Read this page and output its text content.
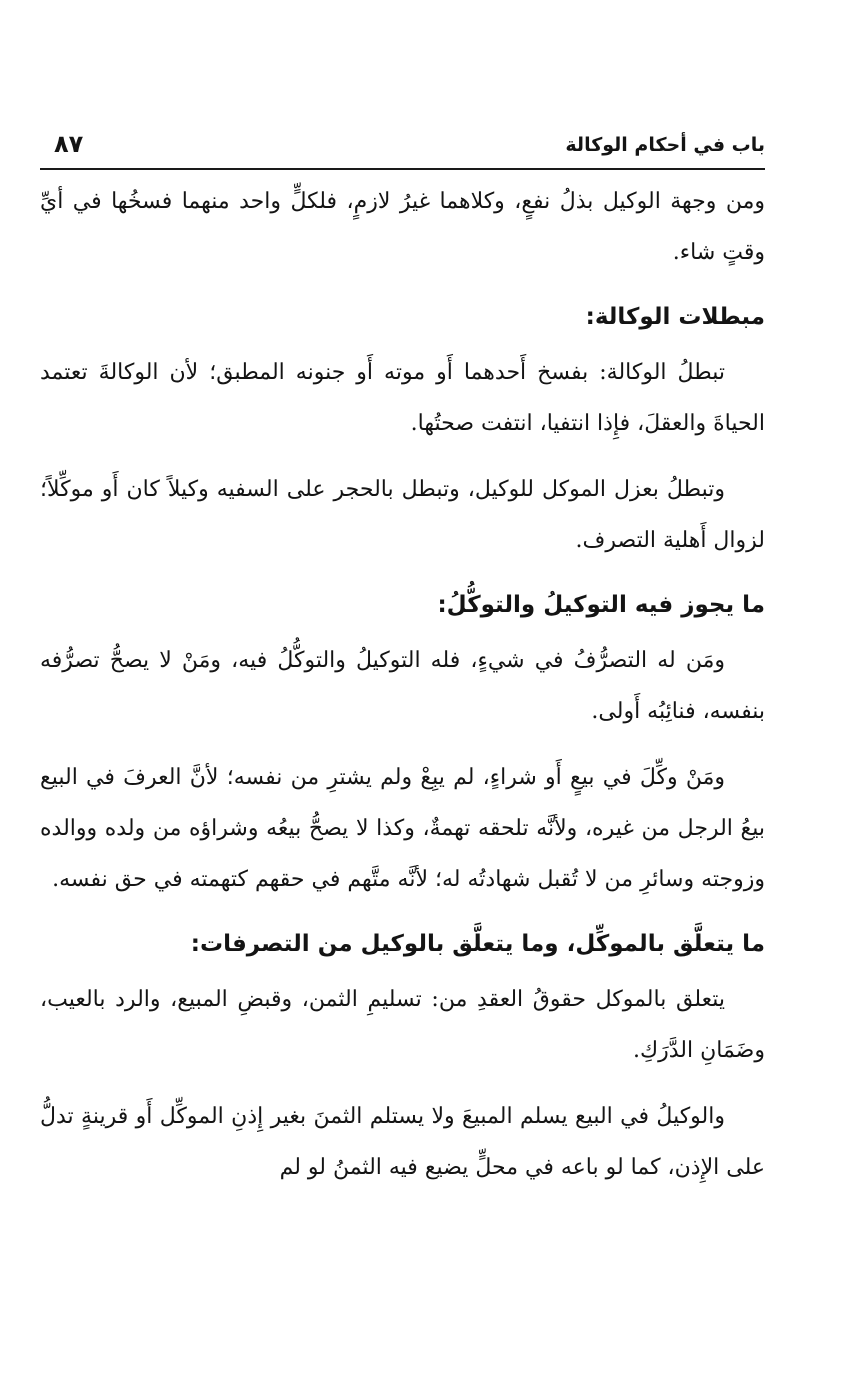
باب في أحكام الوكالة
٨٧

ومن وجهة الوكيل بذلُ نفعٍ، وكلاهما غيرُ لازمٍ، فلكلٍّ واحد منهما فسخُها في أيِّ وقتٍ شاء.

مبطلات الوكالة:

تبطلُ الوكالة: بفسخ أَحدهما أَو موته أَو جنونه المطبق؛ لأن الوكالةَ تعتمد الحياةَ والعقلَ، فإِذا انتفيا، انتفت صحتُها.

وتبطلُ بعزل الموكل للوكيل، وتبطل بالحجر على السفيه وكيلاً كان أَو موكِّلاً؛ لزوال أَهلية التصرف.

ما يجوز فيه التوكيلُ والتوكُّلُ:

ومَن له التصرُّفُ في شيءٍ، فله التوكيلُ والتوكُّلُ فيه، ومَنْ لا يصحُّ تصرُّفه بنفسه، فنائِبُه أَولى.

ومَنْ وكِّلَ في بيعٍ أَو شراءٍ، لم يبِعْ ولم يشترِ من نفسه؛ لأنَّ العرفَ في البيع بيعُ الرجل من غيره، ولأنَّه تلحقه تهمةٌ، وكذا لا يصحُّ بيعُه وشراؤه من ولده ووالده وزوجته وسائرِ من لا تُقبل شهادتُه له؛ لأنَّه متَّهم في حقهم كتهمته في حق نفسه.

ما يتعلَّق بالموكِّل، وما يتعلَّق بالوكيل من التصرفات:

يتعلق بالموكل حقوقُ العقدِ من: تسليمِ الثمن، وقبضِ المبيع، والرد بالعيب، وضَمَانِ الدَّرَكِ.

والوكيلُ في البيع يسلم المبيعَ ولا يستلم الثمنَ بغير إِذنِ الموكِّل أَو قرينةٍ تدلُّ على الإِذن، كما لو باعه في محلٍّ يضيع فيه الثمنُ لو لم
